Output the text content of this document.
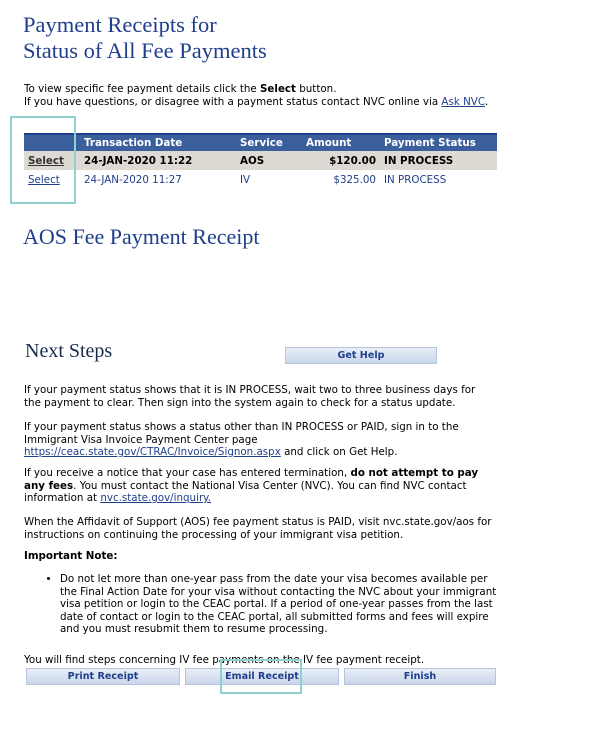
Payment Receipts for
Status of All Fee Payments
To view specific fee payment details click the Select button.
If you have questions, or disagree with a payment status contact NVC online via Ask NVC.
	Transaction Date	Service	Amount	Payment Status
Select	24-JAN-2020 11:22	AOS	$120.00	IN PROCESS
Select	24-JAN-2020 11:27	IV	$325.00	IN PROCESS
AOS Fee Payment Receipt
Next Steps	Get Help
If your payment status shows that it is IN PROCESS, wait two to three business days for the payment to clear. Then sign into the system again to check for a status update.
If your payment status shows a status other than IN PROCESS or PAID, sign in to the Immigrant Visa Invoice Payment Center page https://ceac.state.gov/CTRAC/Invoice/Signon.aspx and click on Get Help.
If you receive a notice that your case has entered termination, do not attempt to pay any fees. You must contact the National Visa Center (NVC). You can find NVC contact information at nvc.state.gov/inquiry.
When the Affidavit of Support (AOS) fee payment status is PAID, visit nvc.state.gov/aos for instructions on continuing the processing of your immigrant visa petition.
Important Note:
• Do not let more than one-year pass from the date your visa becomes available per the Final Action Date for your visa without contacting the NVC about your immigrant visa petition or login to the CEAC portal. If a period of one-year passes from the last date of contact or login to the CEAC portal, all submitted forms and fees will expire and you must resubmit them to resume processing.
You will find steps concerning IV fee payments on the IV fee payment receipt.
Print Receipt	Email Receipt	Finish
